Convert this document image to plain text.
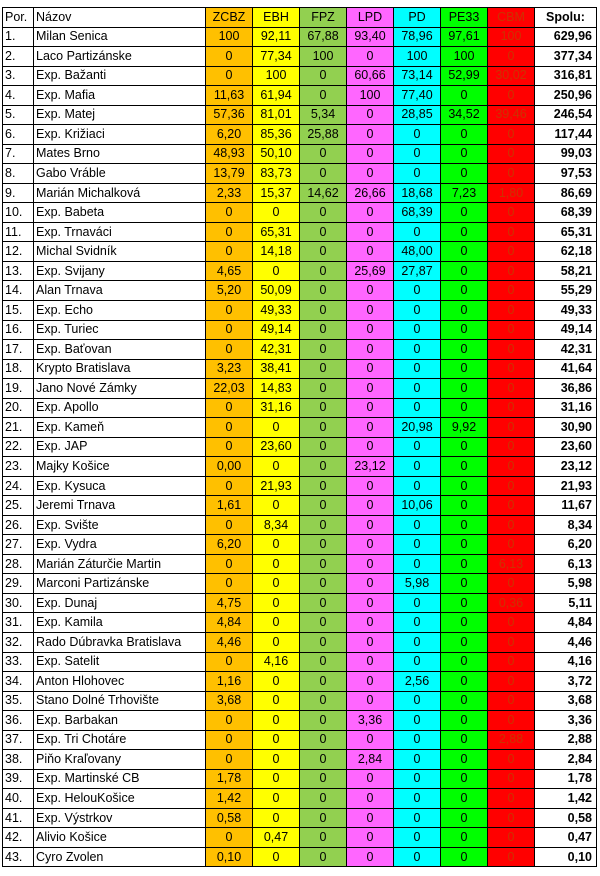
Por.	Názov	ZCBZ	EBH	FPZ	LPD	PD	PE33	CBM	Spolu:
1.	Milan Senica	100	92,11	67,88	93,40	78,96	97,61	100	629,96
2.	Laco Partizánske	0	77,34	100	0	100	100	0	377,34
3.	Exp. Bažanti	0	100	0	60,66	73,14	52,99	30,02	316,81
4.	Exp. Mafia	11,63	61,94	0	100	77,40	0	0	250,96
5.	Exp. Matej	57,36	81,01	5,34	0	28,85	34,52	39,46	246,54
6.	Exp. Križiaci	6,20	85,36	25,88	0	0	0	0	117,44
7.	Mates Brno	48,93	50,10	0	0	0	0	0	99,03
8.	Gabo Vráble	13,79	83,73	0	0	0	0	0	97,53
9.	Marián Michalková	2,33	15,37	14,62	26,66	18,68	7,23	1,80	86,69
10.	Exp. Babeta	0	0	0	0	68,39	0	0	68,39
11.	Exp. Trnaváci	0	65,31	0	0	0	0	0	65,31
12.	Michal Svidník	0	14,18	0	0	48,00	0	0	62,18
13.	Exp. Svijany	4,65	0	0	25,69	27,87	0	0	58,21
14.	Alan Trnava	5,20	50,09	0	0	0	0	0	55,29
15.	Exp. Echo	0	49,33	0	0	0	0	0	49,33
16.	Exp. Turiec	0	49,14	0	0	0	0	0	49,14
17.	Exp. Baťovan	0	42,31	0	0	0	0	0	42,31
18.	Krypto Bratislava	3,23	38,41	0	0	0	0	0	41,64
19.	Jano Nové Zámky	22,03	14,83	0	0	0	0	0	36,86
20.	Exp. Apollo	0	31,16	0	0	0	0	0	31,16
21.	Exp. Kameň	0	0	0	0	20,98	9,92	0	30,90
22.	Exp. JAP	0	23,60	0	0	0	0	0	23,60
23.	Majky Košice	0,00	0	0	23,12	0	0	0	23,12
24.	Exp. Kysuca	0	21,93	0	0	0	0	0	21,93
25.	Jeremi Trnava	1,61	0	0	0	10,06	0	0	11,67
26.	Exp. Svište	0	8,34	0	0	0	0	0	8,34
27.	Exp. Vydra	6,20	0	0	0	0	0	0	6,20
28.	Marián Záturčie Martin	0	0	0	0	0	0	6,13	6,13
29.	Marconi Partizánske	0	0	0	0	5,98	0	0	5,98
30.	Exp. Dunaj	4,75	0	0	0	0	0	0,36	5,11
31.	Exp. Kamila	4,84	0	0	0	0	0	0	4,84
32.	Rado Dúbravka Bratislava	4,46	0	0	0	0	0	0	4,46
33.	Exp. Satelit	0	4,16	0	0	0	0	0	4,16
34.	Anton Hlohovec	1,16	0	0	0	2,56	0	0	3,72
35.	Stano Dolné Trhovište	3,68	0	0	0	0	0	0	3,68
36.	Exp. Barbakan	0	0	0	3,36	0	0	0	3,36
37.	Exp. Tri Chotáre	0	0	0	0	0	0	2,88	2,88
38.	Piňo Kraľovany	0	0	0	2,84	0	0	0	2,84
39.	Exp. Martinské CB	1,78	0	0	0	0	0	0	1,78
40.	Exp. HelouKošice	1,42	0	0	0	0	0	0	1,42
41.	Exp. Výstrkov	0,58	0	0	0	0	0	0	0,58
42.	Alivio Košice	0	0,47	0	0	0	0	0	0,47
43.	Cyro Zvolen	0,10	0	0	0	0	0	0	0,10
